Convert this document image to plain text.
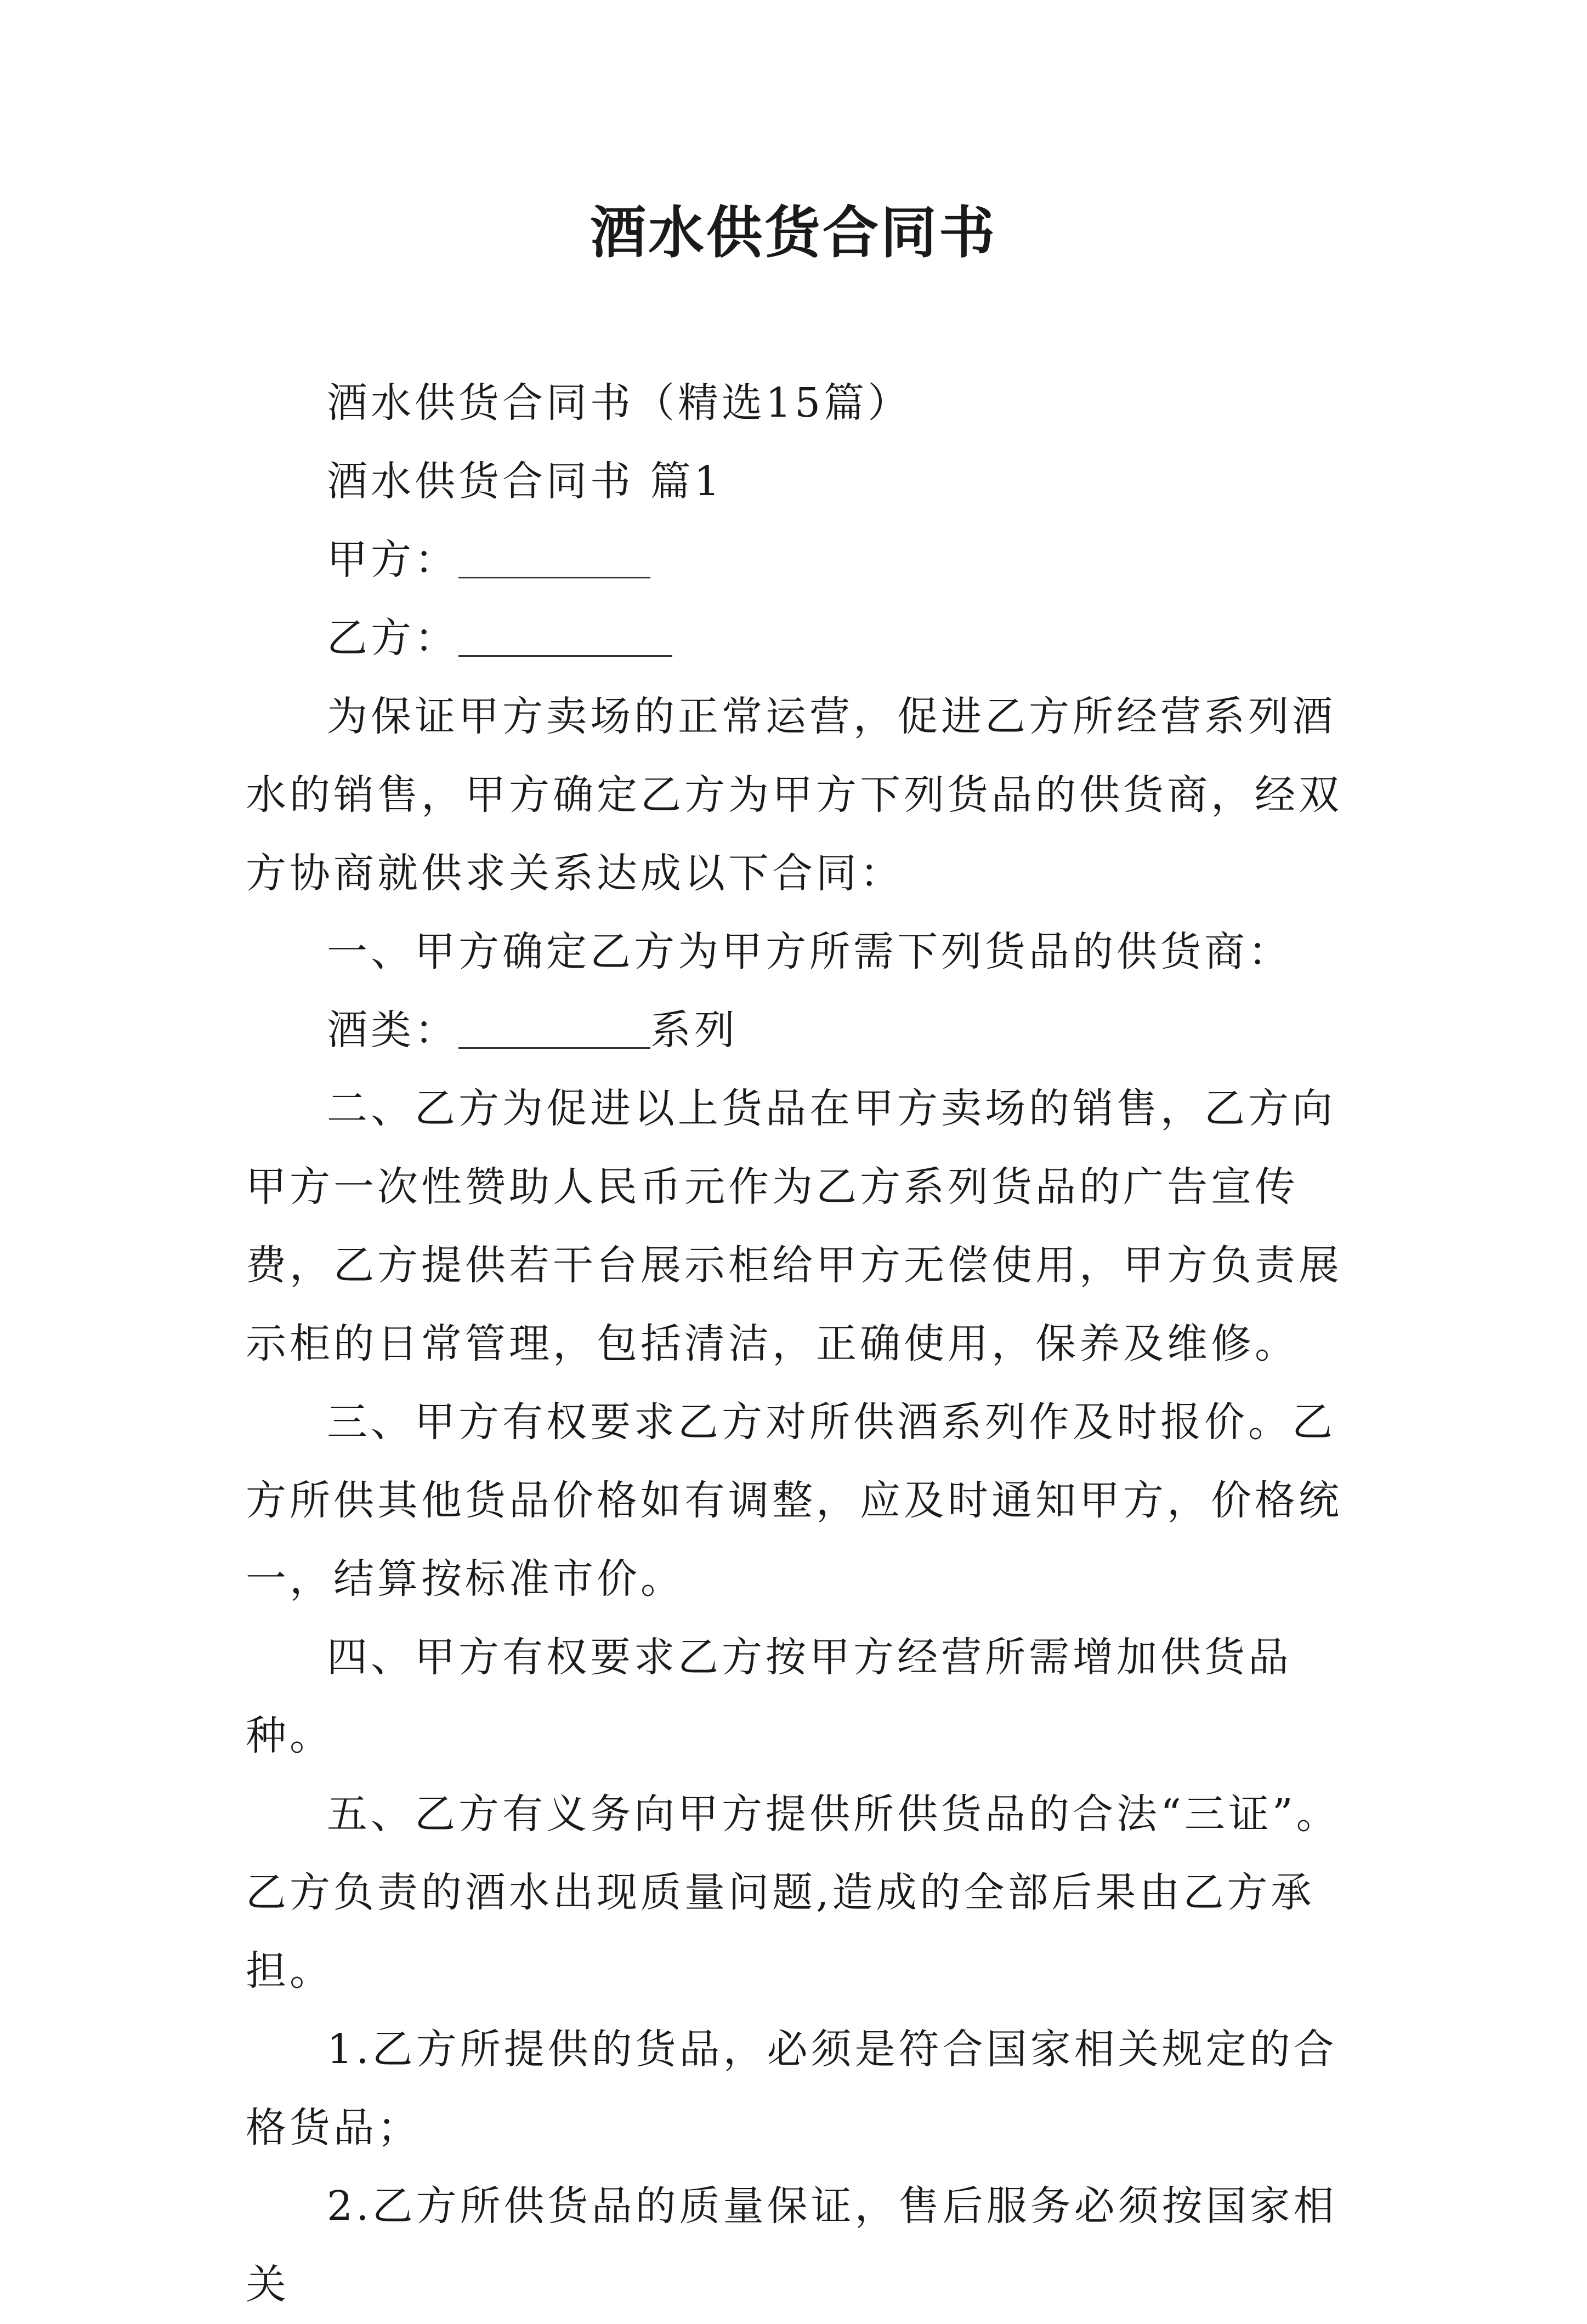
酒水供货合同书

酒水供货合同书（精选15篇）

酒水供货合同书 篇1

甲方：

乙方：

为保证甲方卖场的正常运营，促进乙方所经营系列酒水的销售，甲方确定乙方为甲方下列货品的供货商，经双方协商就供求关系达成以下合同：

一、甲方确定乙方为甲方所需下列货品的供货商：

酒类：	系列

二、乙方为促进以上货品在甲方卖场的销售，乙方向甲方一次性赞助人民币元作为乙方系列货品的广告宣传费，乙方提供若干台展示柜给甲方无偿使用，甲方负责展示柜的日常管理，包括清洁，正确使用，保养及维修。

三、甲方有权要求乙方对所供酒系列作及时报价。乙方所供其他货品价格如有调整，应及时通知甲方，价格统一，结算按标准市价。

四、甲方有权要求乙方按甲方经营所需增加供货品种。

五、乙方有义务向甲方提供所供货品的合法“三证”。乙方负责的酒水出现质量问题,造成的全部后果由乙方承担。

1.乙方所提供的货品，必须是符合国家相关规定的合格货品；

2.乙方所供货品的质量保证，售后服务必须按国家相关
